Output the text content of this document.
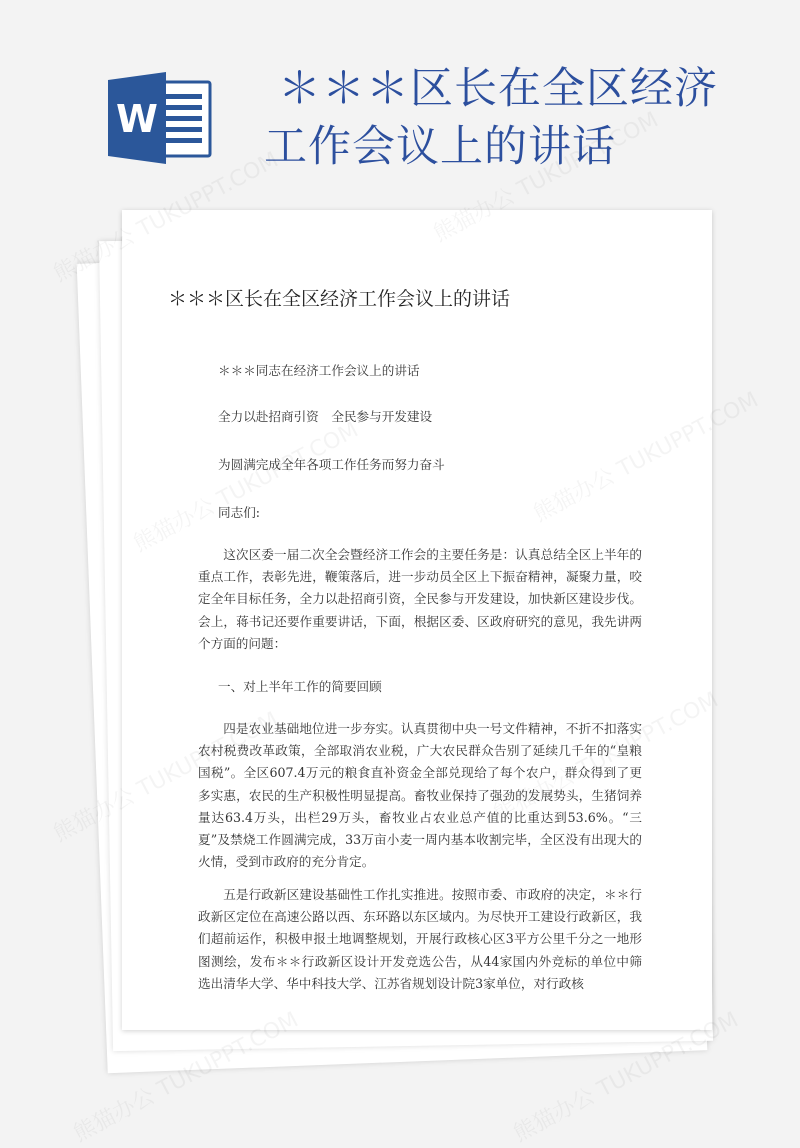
W
＊＊＊区长在全区经济
工作会议上的讲话
＊＊＊区长在全区经济工作会议上的讲话

＊＊＊同志在经济工作会议上的讲话

全力以赴招商引资　全民参与开发建设

为圆满完成全年各项工作任务而努力奋斗

同志们:

这次区委一届二次全会暨经济工作会的主要任务是：认真总结全区上半年的重点工作，表彰先进，鞭策落后，进一步动员全区上下振奋精神，凝聚力量，咬定全年目标任务，全力以赴招商引资，全民参与开发建设，加快新区建设步伐。会上，蒋书记还要作重要讲话，下面，根据区委、区政府研究的意见，我先讲两个方面的问题：

一、对上半年工作的简要回顾

四是农业基础地位进一步夯实。认真贯彻中央一号文件精神，不折不扣落实农村税费改革政策，全部取消农业税，广大农民群众告别了延续几千年的“皇粮国税”。全区607.4万元的粮食直补资金全部兑现给了每个农户，群众得到了更多实惠，农民的生产积极性明显提高。畜牧业保持了强劲的发展势头，生猪饲养量达63.4万头，出栏29万头，畜牧业占农业总产值的比重达到53.6%。“三夏”及禁烧工作圆满完成，33万亩小麦一周内基本收割完毕，全区没有出现大的火情，受到市政府的充分肯定。

五是行政新区建设基础性工作扎实推进。按照市委、市政府的决定，＊＊行政新区定位在高速公路以西、东环路以东区域内。为尽快开工建设行政新区，我们超前运作，积极申报土地调整规划，开展行政核心区3平方公里千分之一地形图测绘，发布＊＊行政新区设计开发竞选公告，从44家国内外竞标的单位中筛选出清华大学、华中科技大学、江苏省规划设计院3家单位，对行政核
